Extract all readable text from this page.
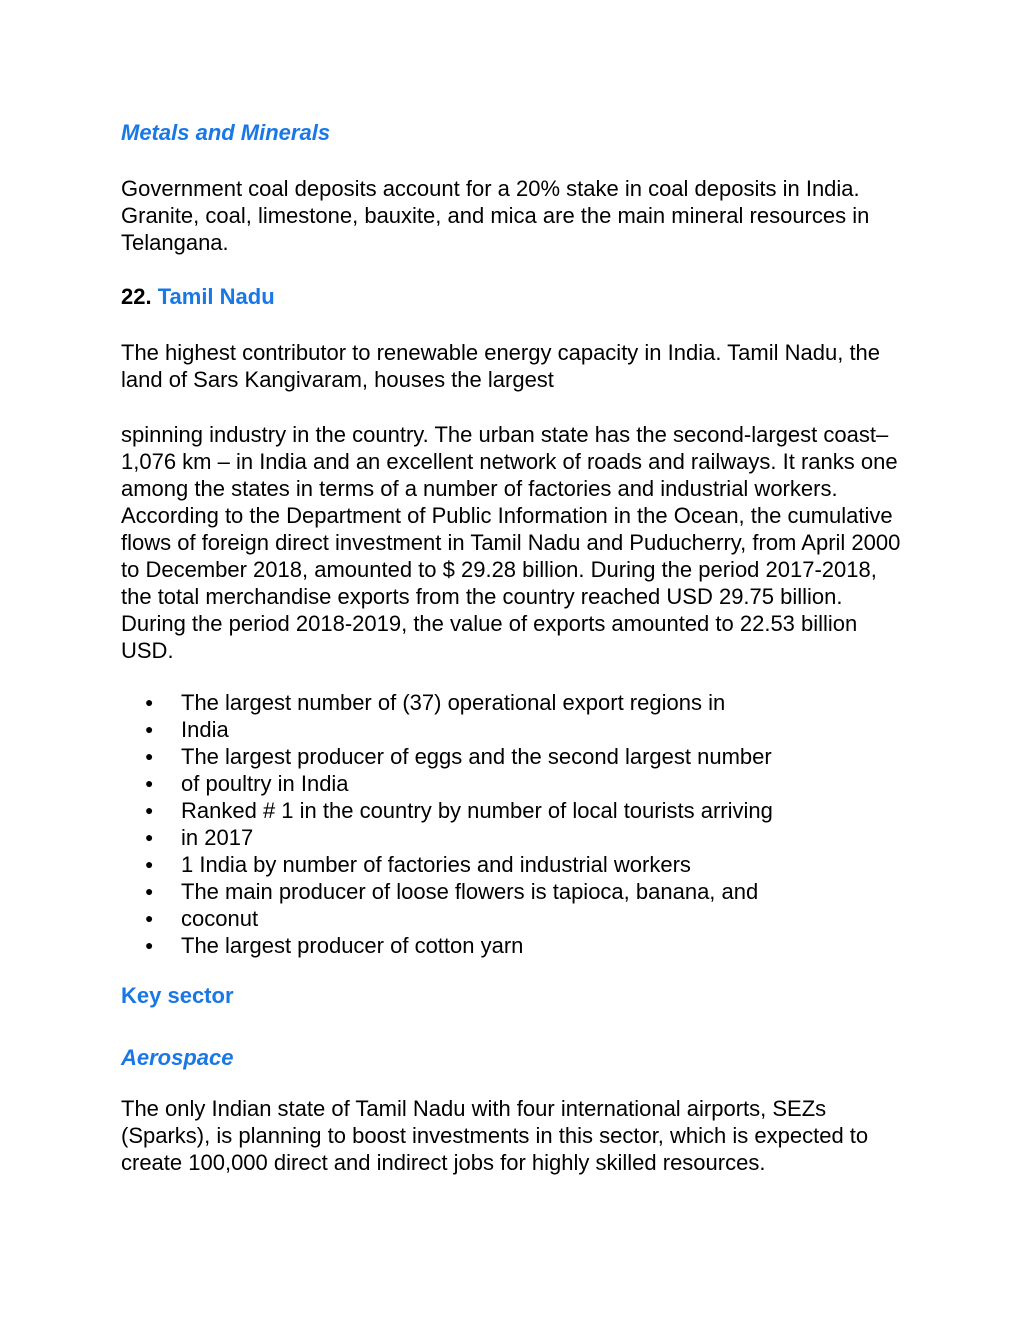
Metals and Minerals

Government coal deposits account for a 20% stake in coal deposits in India. Granite, coal, limestone, bauxite, and mica are the main mineral resources in Telangana.

22. Tamil Nadu

The highest contributor to renewable energy capacity in India. Tamil Nadu, the land of Sars Kangivaram, houses the largest

spinning industry in the country. The urban state has the second-largest coast– 1,076 km – in India and an excellent network of roads and railways. It ranks one among the states in terms of a number of factories and industrial workers. According to the Department of Public Information in the Ocean, the cumulative flows of foreign direct investment in Tamil Nadu and Puducherry, from April 2000 to December 2018, amounted to $ 29.28 billion. During the period 2017-2018, the total merchandise exports from the country reached USD 29.75 billion. During the period 2018-2019, the value of exports amounted to 22.53 billion USD.

● The largest number of (37) operational export regions in
● India
● The largest producer of eggs and the second largest number
● of poultry in India
● Ranked # 1 in the country by number of local tourists arriving
● in 2017
● 1 India by number of factories and industrial workers
● The main producer of loose flowers is tapioca, banana, and
● coconut
● The largest producer of cotton yarn
Key sector
Aerospace

The only Indian state of Tamil Nadu with four international airports, SEZs (Sparks), is planning to boost investments in this sector, which is expected to create 100,000 direct and indirect jobs for highly skilled resources.
